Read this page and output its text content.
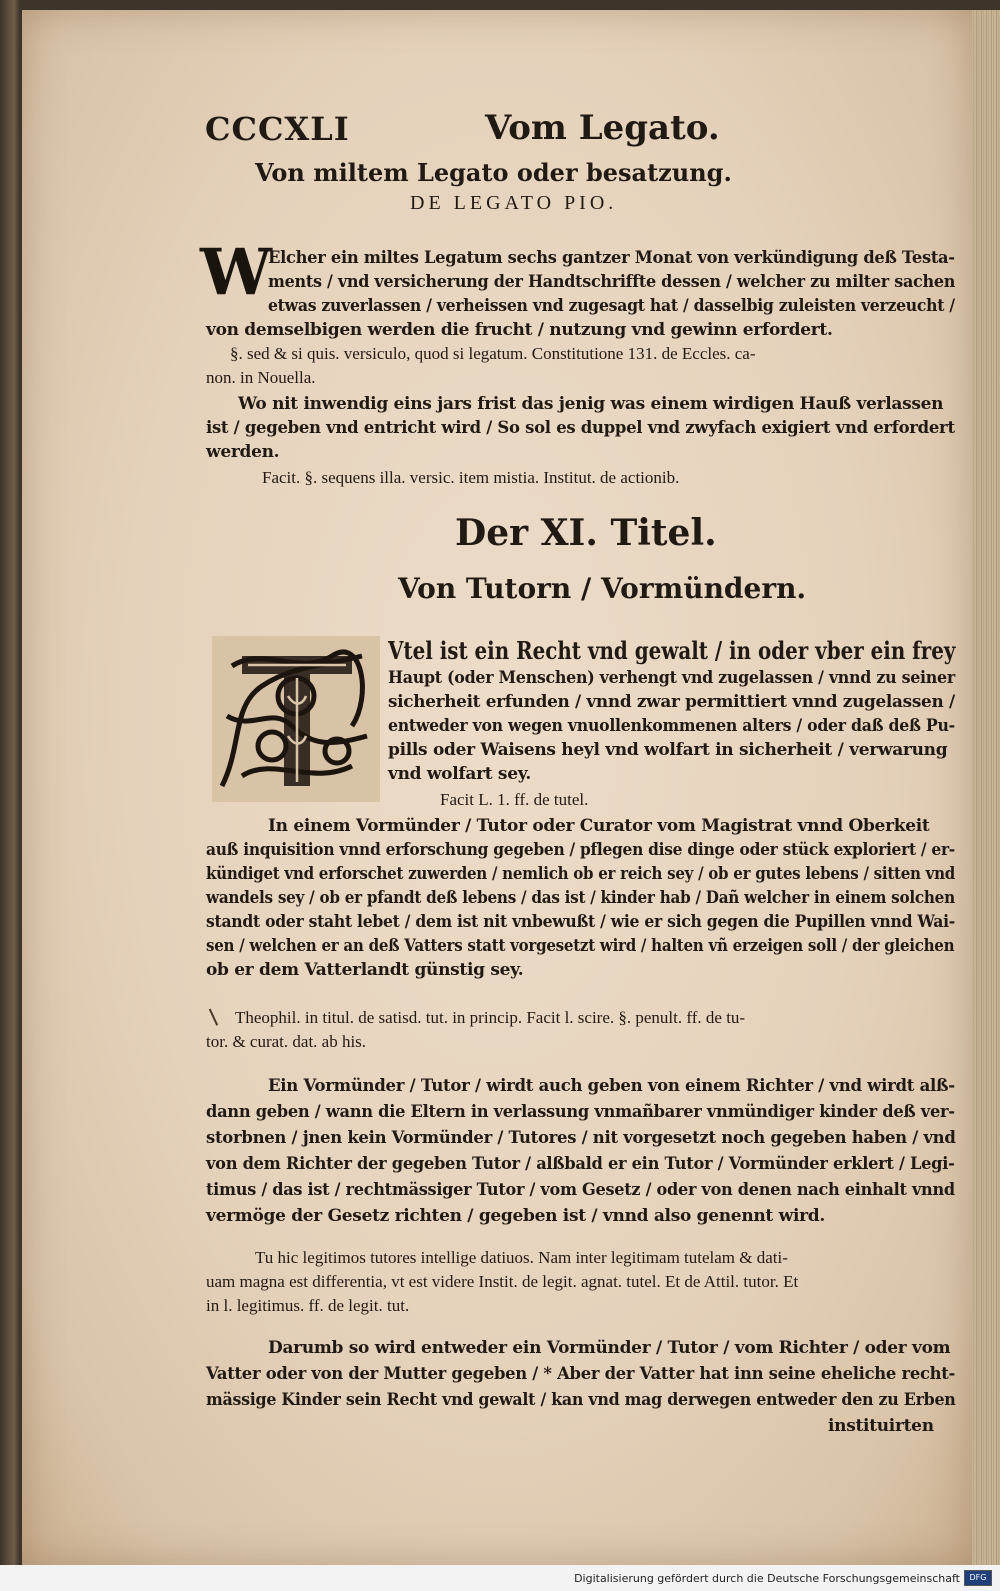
CCCXLI	Vom Legato.
Von miltem Legato oder besatzung.
DE LEGATO PIO.
W
Elcher ein miltes Legatum sechs gantzer Monat von verkündigung deß Testa-
ments / vnd versicherung der Handtschriffte dessen / welcher zu milter sachen
etwas zuverlassen / verheissen vnd zugesagt hat / dasselbig zuleisten verzeucht /
von demselbigen werden die frucht / nutzung vnd gewinn erfordert.
§. sed & si quis. versiculo, quod si legatum. Constitutione 131. de Eccles. ca-
non. in Nouella.
Wo nit inwendig eins jars frist das jenig was einem wirdigen Hauß verlassen
ist / gegeben vnd entricht wird / So sol es duppel vnd zwyfach exigiert vnd erfordert
werden.
Facit. §. sequens illa. versic. item mistia. Institut. de actionib.
Der XI. Titel.
Von Tutorn / Vormündern.
Vtel ist ein Recht vnd gewalt / in oder vber ein frey
Haupt (oder Menschen) verhengt vnd zugelassen / vnnd zu seiner
sicherheit erfunden / vnnd zwar permittiert vnnd zugelassen /
entweder von wegen vnuollenkommenen alters / oder daß deß Pu-
pills oder Waisens heyl vnd wolfart in sicherheit / verwarung
vnd wolfart sey.
Facit L. 1. ff. de tutel.
In einem Vormünder / Tutor oder Curator vom Magistrat vnnd Oberkeit
auß inquisition vnnd erforschung gegeben / pflegen dise dinge oder stück exploriert / er-
kündiget vnd erforschet zuwerden / nemlich ob er reich sey / ob er gutes lebens / sitten vnd
wandels sey / ob er pfandt deß lebens / das ist / kinder hab / Dañ welcher in einem solchen
standt oder staht lebet / dem ist nit vnbewußt / wie er sich gegen die Pupillen vnnd Wai-
sen / welchen er an deß Vatters statt vorgesetzt wird / halten vñ erzeigen soll / der gleichen
ob er dem Vatterlandt günstig sey.
Theophil. in titul. de satisd. tut. in princip. Facit l. scire. §. penult. ff. de tu-
tor. & curat. dat. ab his.
Ein Vormünder / Tutor / wirdt auch geben von einem Richter / vnd wirdt alß-
dann geben / wann die Eltern in verlassung vnmañbarer vnmündiger kinder deß ver-
storbnen / jnen kein Vormünder / Tutores / nit vorgesetzt noch gegeben haben / vnd
von dem Richter der gegeben Tutor / alßbald er ein Tutor / Vormünder erklert / Legi-
timus / das ist / rechtmässiger Tutor / vom Gesetz / oder von denen nach einhalt vnnd
vermöge der Gesetz richten / gegeben ist / vnnd also genennt wird.
Tu hic legitimos tutores intellige datiuos. Nam inter legitimam tutelam & dati-
uam magna est differentia, vt est videre Instit. de legit. agnat. tutel. Et de Attil. tutor. Et
in l. legitimus. ff. de legit. tut.
Darumb so wird entweder ein Vormünder / Tutor / vom Richter / oder vom
Vatter oder von der Mutter gegeben / * Aber der Vatter hat inn seine eheliche recht-
mässige Kinder sein Recht vnd gewalt / kan vnd mag derwegen entweder den zu Erben
instituirten
Digitalisierung gefördert durch die Deutsche Forschungsgemeinschaft	DFG
